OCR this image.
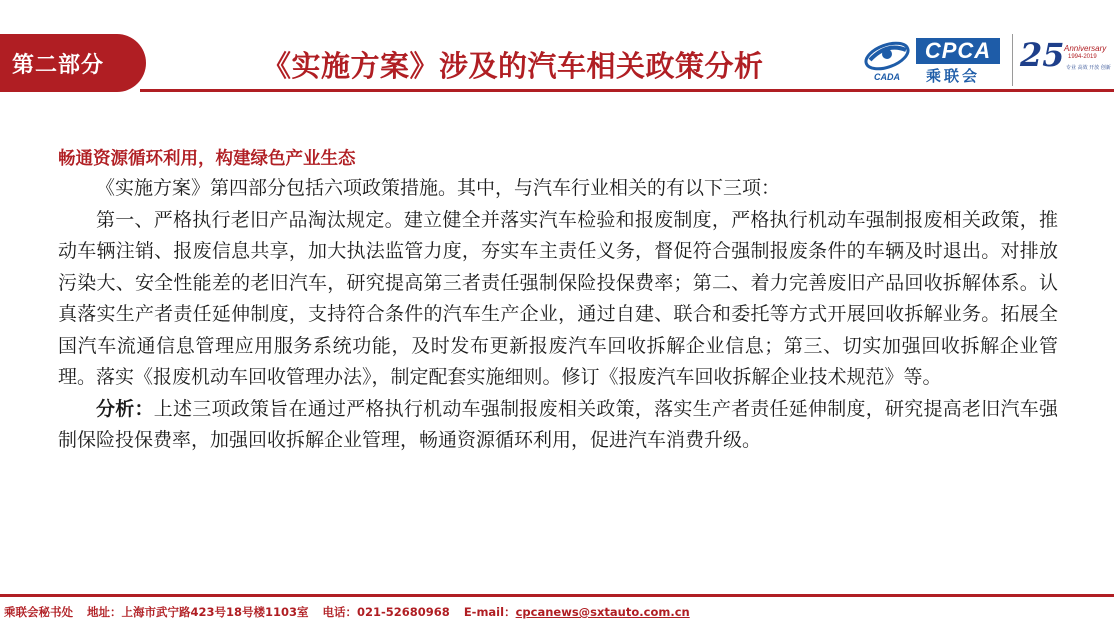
第二部分	《实施方案》涉及的汽车相关政策分析	CADA
CPCA
乘联会
25 Anniversary
1994-2019
专业 高效 开放 创新

畅通资源循环利用，构建绿色产业生态

《实施方案》第四部分包括六项政策措施。其中，与汽车行业相关的有以下三项：

第一、严格执行老旧产品淘汰规定。建立健全并落实汽车检验和报废制度，严格执行机动车强制报废相关政策，推动车辆注销、报废信息共享，加大执法监管力度，夯实车主责任义务，督促符合强制报废条件的车辆及时退出。对排放污染大、安全性能差的老旧汽车，研究提高第三者责任强制保险投保费率；第二、着力完善废旧产品回收拆解体系。认真落实生产者责任延伸制度，支持符合条件的汽车生产企业，通过自建、联合和委托等方式开展回收拆解业务。拓展全国汽车流通信息管理应用服务系统功能，及时发布更新报废汽车回收拆解企业信息；第三、切实加强回收拆解企业管理。落实《报废机动车回收管理办法》，制定配套实施细则。修订《报废汽车回收拆解企业技术规范》等。

分析：上述三项政策旨在通过严格执行机动车强制报废相关政策，落实生产者责任延伸制度，研究提高老旧汽车强制保险投保费率，加强回收拆解企业管理，畅通资源循环利用，促进汽车消费升级。

乘联会秘书处 地址：上海市武宁路423号18号楼1103室 电话：021-52680968 E-mail：cpcanews@sxtauto.com.cn
